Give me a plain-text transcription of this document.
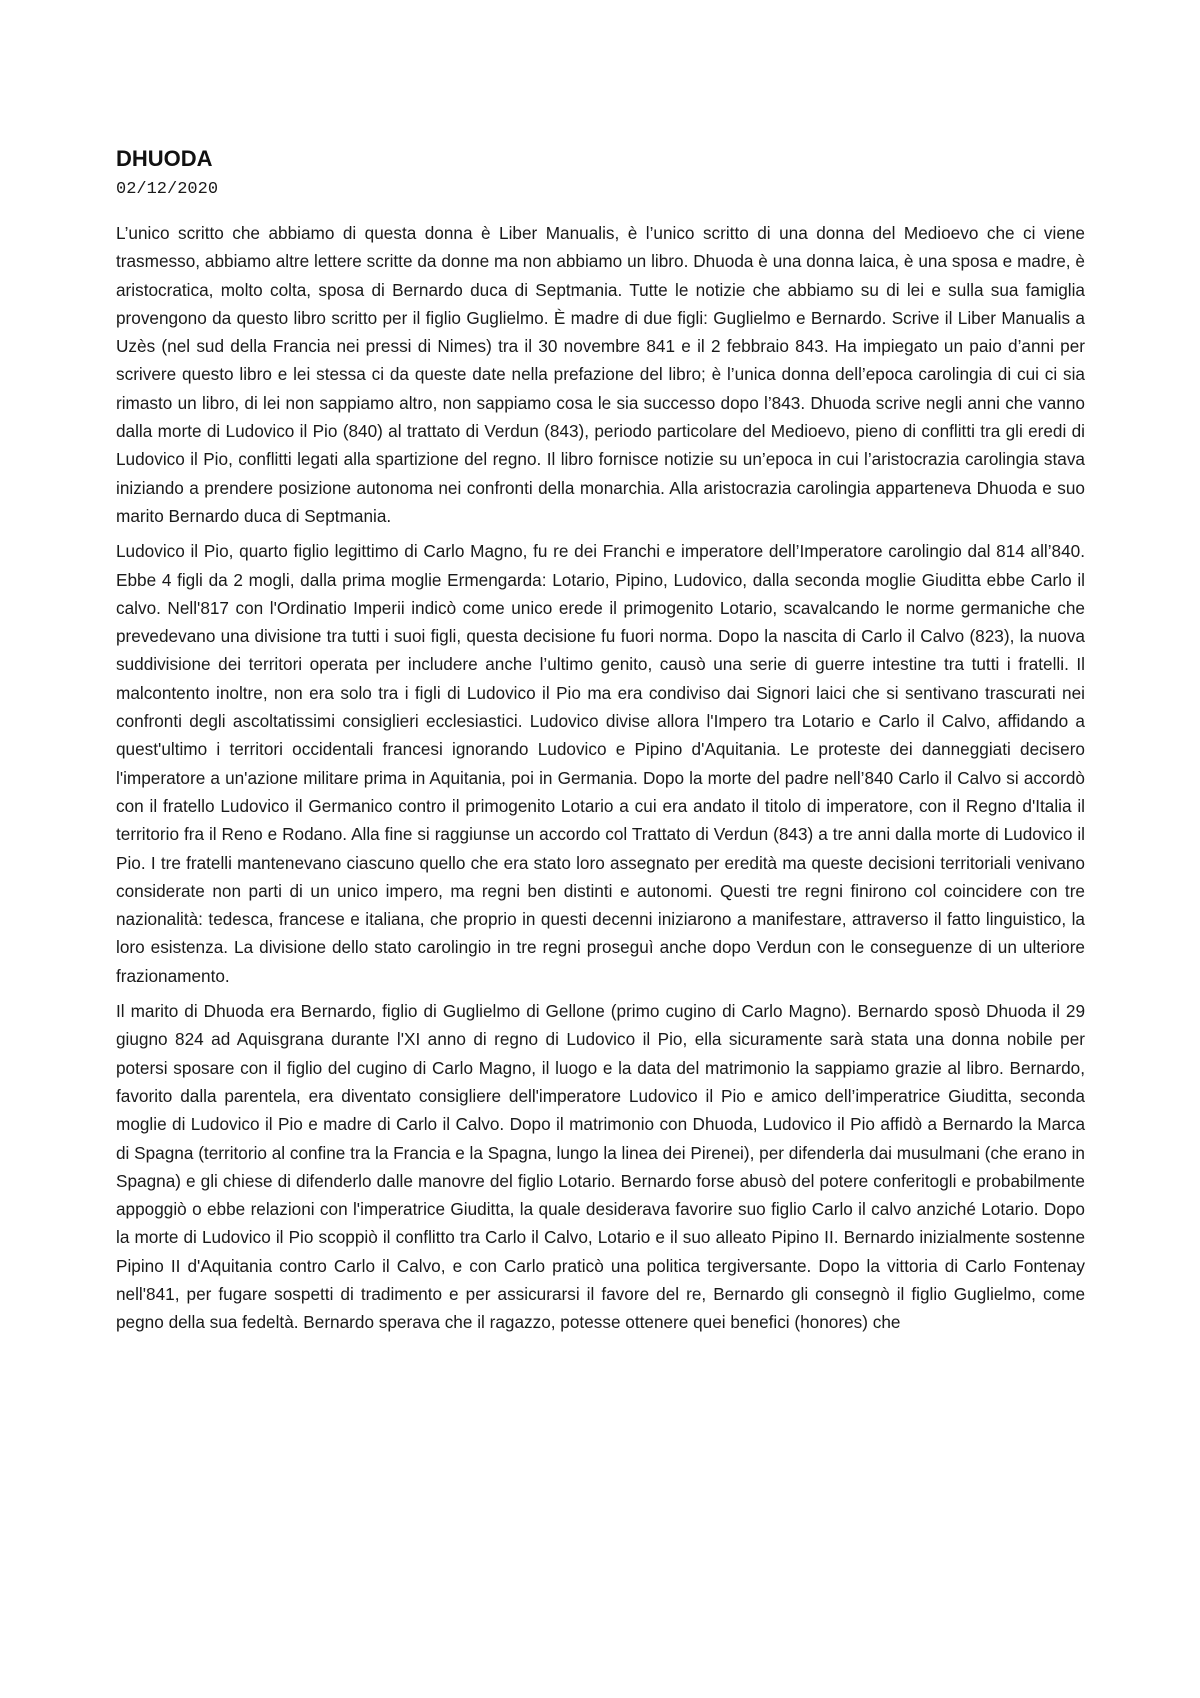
DHUODA
02/12/2020

L’unico scritto che abbiamo di questa donna è Liber Manualis, è l’unico scritto di una donna del Medioevo che ci viene trasmesso, abbiamo altre lettere scritte da donne ma non abbiamo un libro. Dhuoda è una donna laica, è una sposa e madre, è aristocratica, molto colta, sposa di Bernardo duca di Septmania. Tutte le notizie che abbiamo su di lei e sulla sua famiglia provengono da questo libro scritto per il figlio Guglielmo. È madre di due figli: Guglielmo e Bernardo. Scrive il Liber Manualis a Uzès (nel sud della Francia nei pressi di Nimes) tra il 30 novembre 841 e il 2 febbraio 843. Ha impiegato un paio d’anni per scrivere questo libro e lei stessa ci da queste date nella prefazione del libro; è l’unica donna dell’epoca carolingia di cui ci sia rimasto un libro, di lei non sappiamo altro, non sappiamo cosa le sia successo dopo l’843. Dhuoda scrive negli anni che vanno dalla morte di Ludovico il Pio (840) al trattato di Verdun (843), periodo particolare del Medioevo, pieno di conflitti tra gli eredi di Ludovico il Pio, conflitti legati alla spartizione del regno. Il libro fornisce notizie su un’epoca in cui l’aristocrazia carolingia stava iniziando a prendere posizione autonoma nei confronti della monarchia. Alla aristocrazia carolingia apparteneva Dhuoda e suo marito Bernardo duca di Septmania.

Ludovico il Pio, quarto figlio legittimo di Carlo Magno, fu re dei Franchi e imperatore dell’Imperatore carolingio dal 814 all’840. Ebbe 4 figli da 2 mogli, dalla prima moglie Ermengarda: Lotario, Pipino, Ludovico, dalla seconda moglie Giuditta ebbe Carlo il calvo. Nell'817 con l'Ordinatio Imperii indicò come unico erede il primogenito Lotario, scavalcando le norme germaniche che prevedevano una divisione tra tutti i suoi figli, questa decisione fu fuori norma. Dopo la nascita di Carlo il Calvo (823), la nuova suddivisione dei territori operata per includere anche l’ultimo genito, causò una serie di guerre intestine tra tutti i fratelli. Il malcontento inoltre, non era solo tra i figli di Ludovico il Pio ma era condiviso dai Signori laici che si sentivano trascurati nei confronti degli ascoltatissimi consiglieri ecclesiastici. Ludovico divise allora l'Impero tra Lotario e Carlo il Calvo, affidando a quest'ultimo i territori occidentali francesi ignorando Ludovico e Pipino d'Aquitania. Le proteste dei danneggiati decisero l'imperatore a un'azione militare prima in Aquitania, poi in Germania. Dopo la morte del padre nell’840 Carlo il Calvo si accordò con il fratello Ludovico il Germanico contro il primogenito Lotario a cui era andato il titolo di imperatore, con il Regno d'Italia il territorio fra il Reno e Rodano. Alla fine si raggiunse un accordo col Trattato di Verdun (843) a tre anni dalla morte di Ludovico il Pio. I tre fratelli mantenevano ciascuno quello che era stato loro assegnato per eredità ma queste decisioni territoriali venivano considerate non parti di un unico impero, ma regni ben distinti e autonomi. Questi tre regni finirono col coincidere con tre nazionalità: tedesca, francese e italiana, che proprio in questi decenni iniziarono a manifestare, attraverso il fatto linguistico, la loro esistenza. La divisione dello stato carolingio in tre regni proseguì anche dopo Verdun con le conseguenze di un ulteriore frazionamento.

Il marito di Dhuoda era Bernardo, figlio di Guglielmo di Gellone (primo cugino di Carlo Magno). Bernardo sposò Dhuoda il 29 giugno 824 ad Aquisgrana durante l'XI anno di regno di Ludovico il Pio, ella sicuramente sarà stata una donna nobile per potersi sposare con il figlio del cugino di Carlo Magno, il luogo e la data del matrimonio la sappiamo grazie al libro. Bernardo, favorito dalla parentela, era diventato consigliere dell'imperatore Ludovico il Pio e amico dell’imperatrice Giuditta, seconda moglie di Ludovico il Pio e madre di Carlo il Calvo. Dopo il matrimonio con Dhuoda, Ludovico il Pio affidò a Bernardo la Marca di Spagna (territorio al confine tra la Francia e la Spagna, lungo la linea dei Pirenei), per difenderla dai musulmani (che erano in Spagna) e gli chiese di difenderlo dalle manovre del figlio Lotario. Bernardo forse abusò del potere conferitogli e probabilmente appoggiò o ebbe relazioni con l'imperatrice Giuditta, la quale desiderava favorire suo figlio Carlo il calvo anziché Lotario. Dopo la morte di Ludovico il Pio scoppiò il conflitto tra Carlo il Calvo, Lotario e il suo alleato Pipino II. Bernardo inizialmente sostenne Pipino II d'Aquitania contro Carlo il Calvo, e con Carlo praticò una politica tergiversante. Dopo la vittoria di Carlo Fontenay nell'841, per fugare sospetti di tradimento e per assicurarsi il favore del re, Bernardo gli consegnò il figlio Guglielmo, come pegno della sua fedeltà. Bernardo sperava che il ragazzo, potesse ottenere quei benefici (honores) che
